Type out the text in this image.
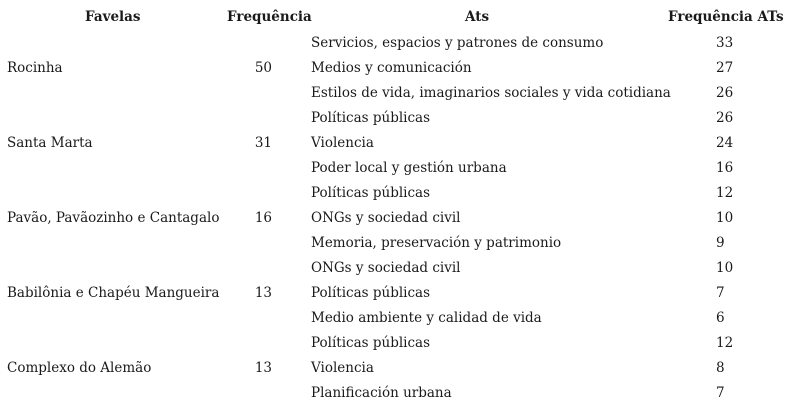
Favelas	Frequência	Ats	Frequência ATs
		Servicios, espacios y patrones de consumo	33
Rocinha	50	Medios y comunicación	27
		Estilos de vida, imaginarios sociales y vida cotidiana	26
		Políticas públicas	26
Santa Marta	31	Violencia	24
		Poder local y gestión urbana	16
		Políticas públicas	12
Pavão, Pavãozinho e Cantagalo	16	ONGs y sociedad civil	10
		Memoria, preservación y patrimonio	9
		ONGs y sociedad civil	10
Babilônia e Chapéu Mangueira	13	Políticas públicas	7
		Medio ambiente y calidad de vida	6
		Políticas públicas	12
Complexo do Alemão	13	Violencia	8
		Planificación urbana	7
